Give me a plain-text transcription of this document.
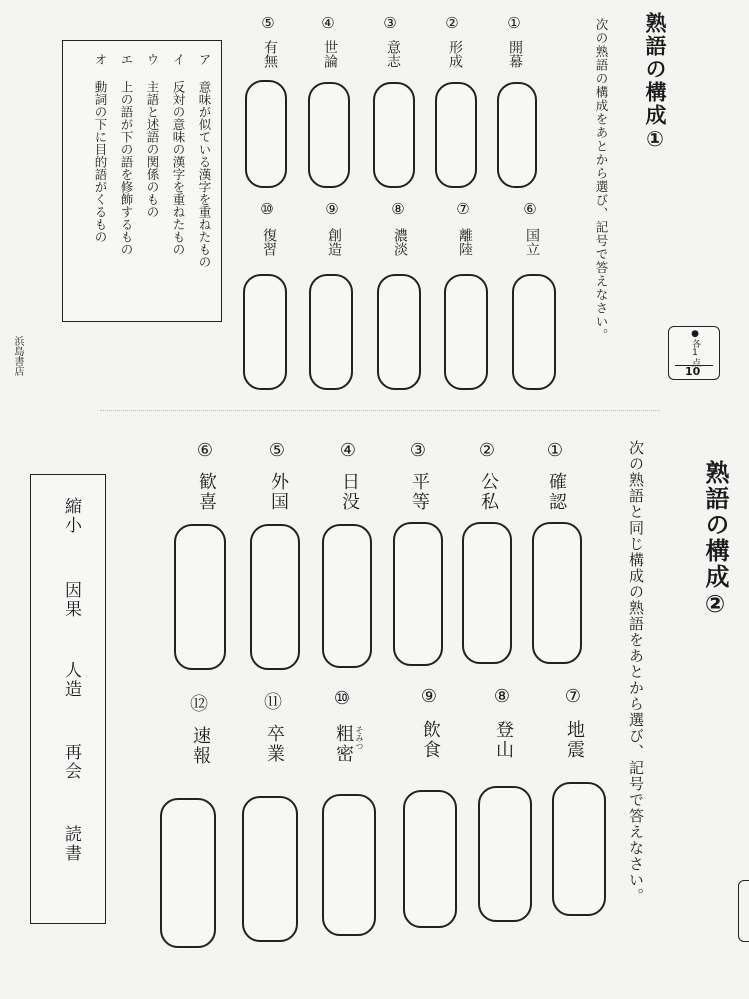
熟語の構成①
次の熟語の構成をあとから選び、記号で答えなさい。
●各1点
10
浜島書店
①
開幕
②
形成
③
意志
④
世論
⑤
有無
⑥
国立
⑦
離陸
⑧
濃淡
⑨
創造
⑩
復習
ア 意味が似ている漢字を重ねたもの
イ 反対の意味の漢字を重ねたもの
ウ 主語と述語の関係のもの
エ 上の語が下の語を修飾するもの
オ 動詞の下に目的語がくるもの
熟語の構成②
次の熟語と同じ構成の熟語をあとから選び、記号で答えなさい。
①
確認
②
公私
③
平等
④
日没
⑤
外国
⑥
歓喜
⑦
地震
⑧
登山
⑨
飲食
⑩
粗密 そみつ
⑪
卒業
⑫
速報
縮小
因果
人造
再会
読書
